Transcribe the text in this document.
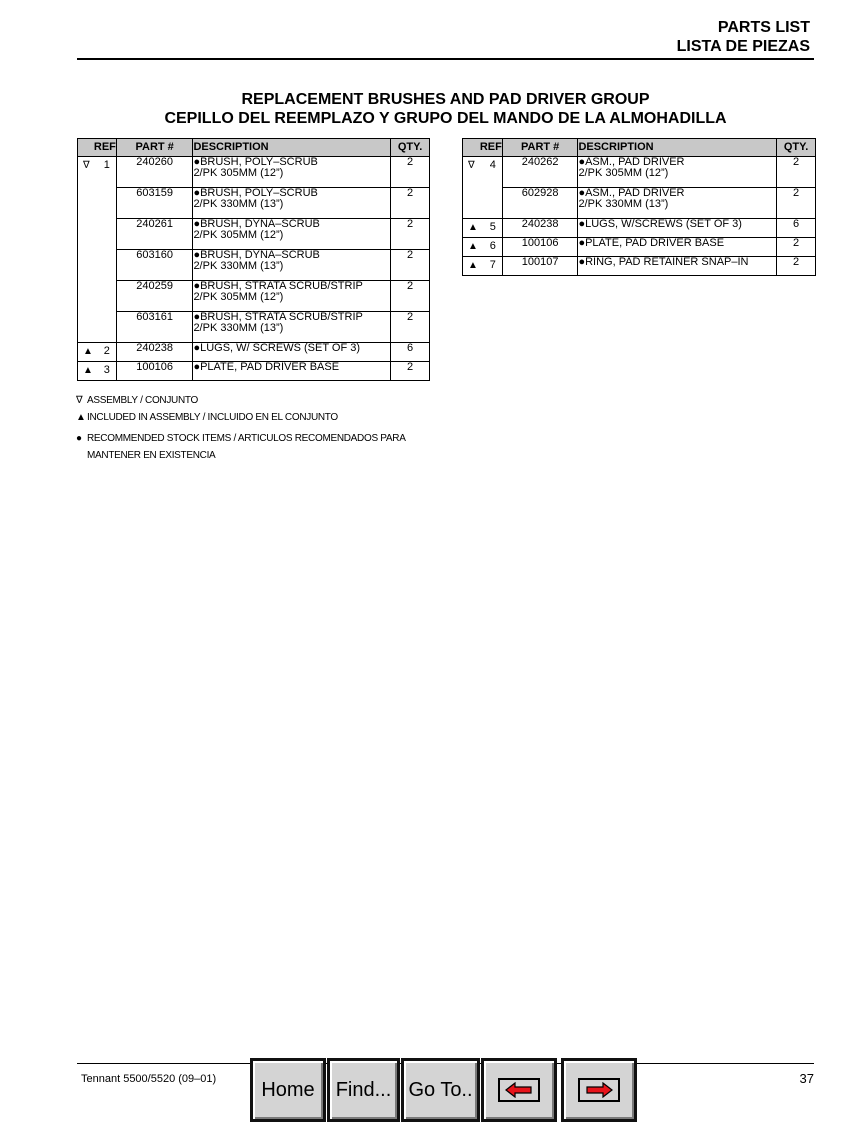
PARTS LIST
LISTA DE PIEZAS
REPLACEMENT BRUSHES AND PAD DRIVER GROUP
CEPILLO DEL REEMPLAZO Y GRUPO DEL MANDO DE LA ALMOHADILLA
REF	PART #	DESCRIPTION	QTY.

∇ 1	240260	●BRUSH, POLY–SCRUB
2/PK 305MM (12”)	2
	603159	●BRUSH, POLY–SCRUB
2/PK 330MM (13”)	2
	240261	●BRUSH, DYNA–SCRUB
2/PK 305MM (12”)	2
	603160	●BRUSH, DYNA–SCRUB
2/PK 330MM (13”)	2
	240259	●BRUSH, STRATA SCRUB/STRIP
2/PK 305MM (12”)	2
	603161	●BRUSH, STRATA SCRUB/STRIP
2/PK 330MM (13”)	2

▲ 2	240238	●LUGS, W/ SCREWS (SET OF 3)	6

▲ 3	100106	●PLATE, PAD DRIVER BASE	2
REF	PART #	DESCRIPTION	QTY.

∇ 4	240262	●ASM., PAD DRIVER
2/PK 305MM (12”)	2
	602928	●ASM., PAD DRIVER
2/PK 330MM (13”)	2

▲ 5	240238	●LUGS, W/SCREWS (SET OF 3)	6

▲ 6	100106	●PLATE, PAD DRIVER BASE	2

▲ 7	100107	●RING, PAD RETAINER SNAP–IN	2
∇ ASSEMBLY / CONJUNTO
▲ INCLUDED IN ASSEMBLY / INCLUIDO EN EL CONJUNTO
● RECOMMENDED STOCK ITEMS / ARTICULOS RECOMENDADOS PARA
MANTENER EN EXISTENCIA
Tennant 5500/5520 (09–01)	37
Home	Find... Go To..
